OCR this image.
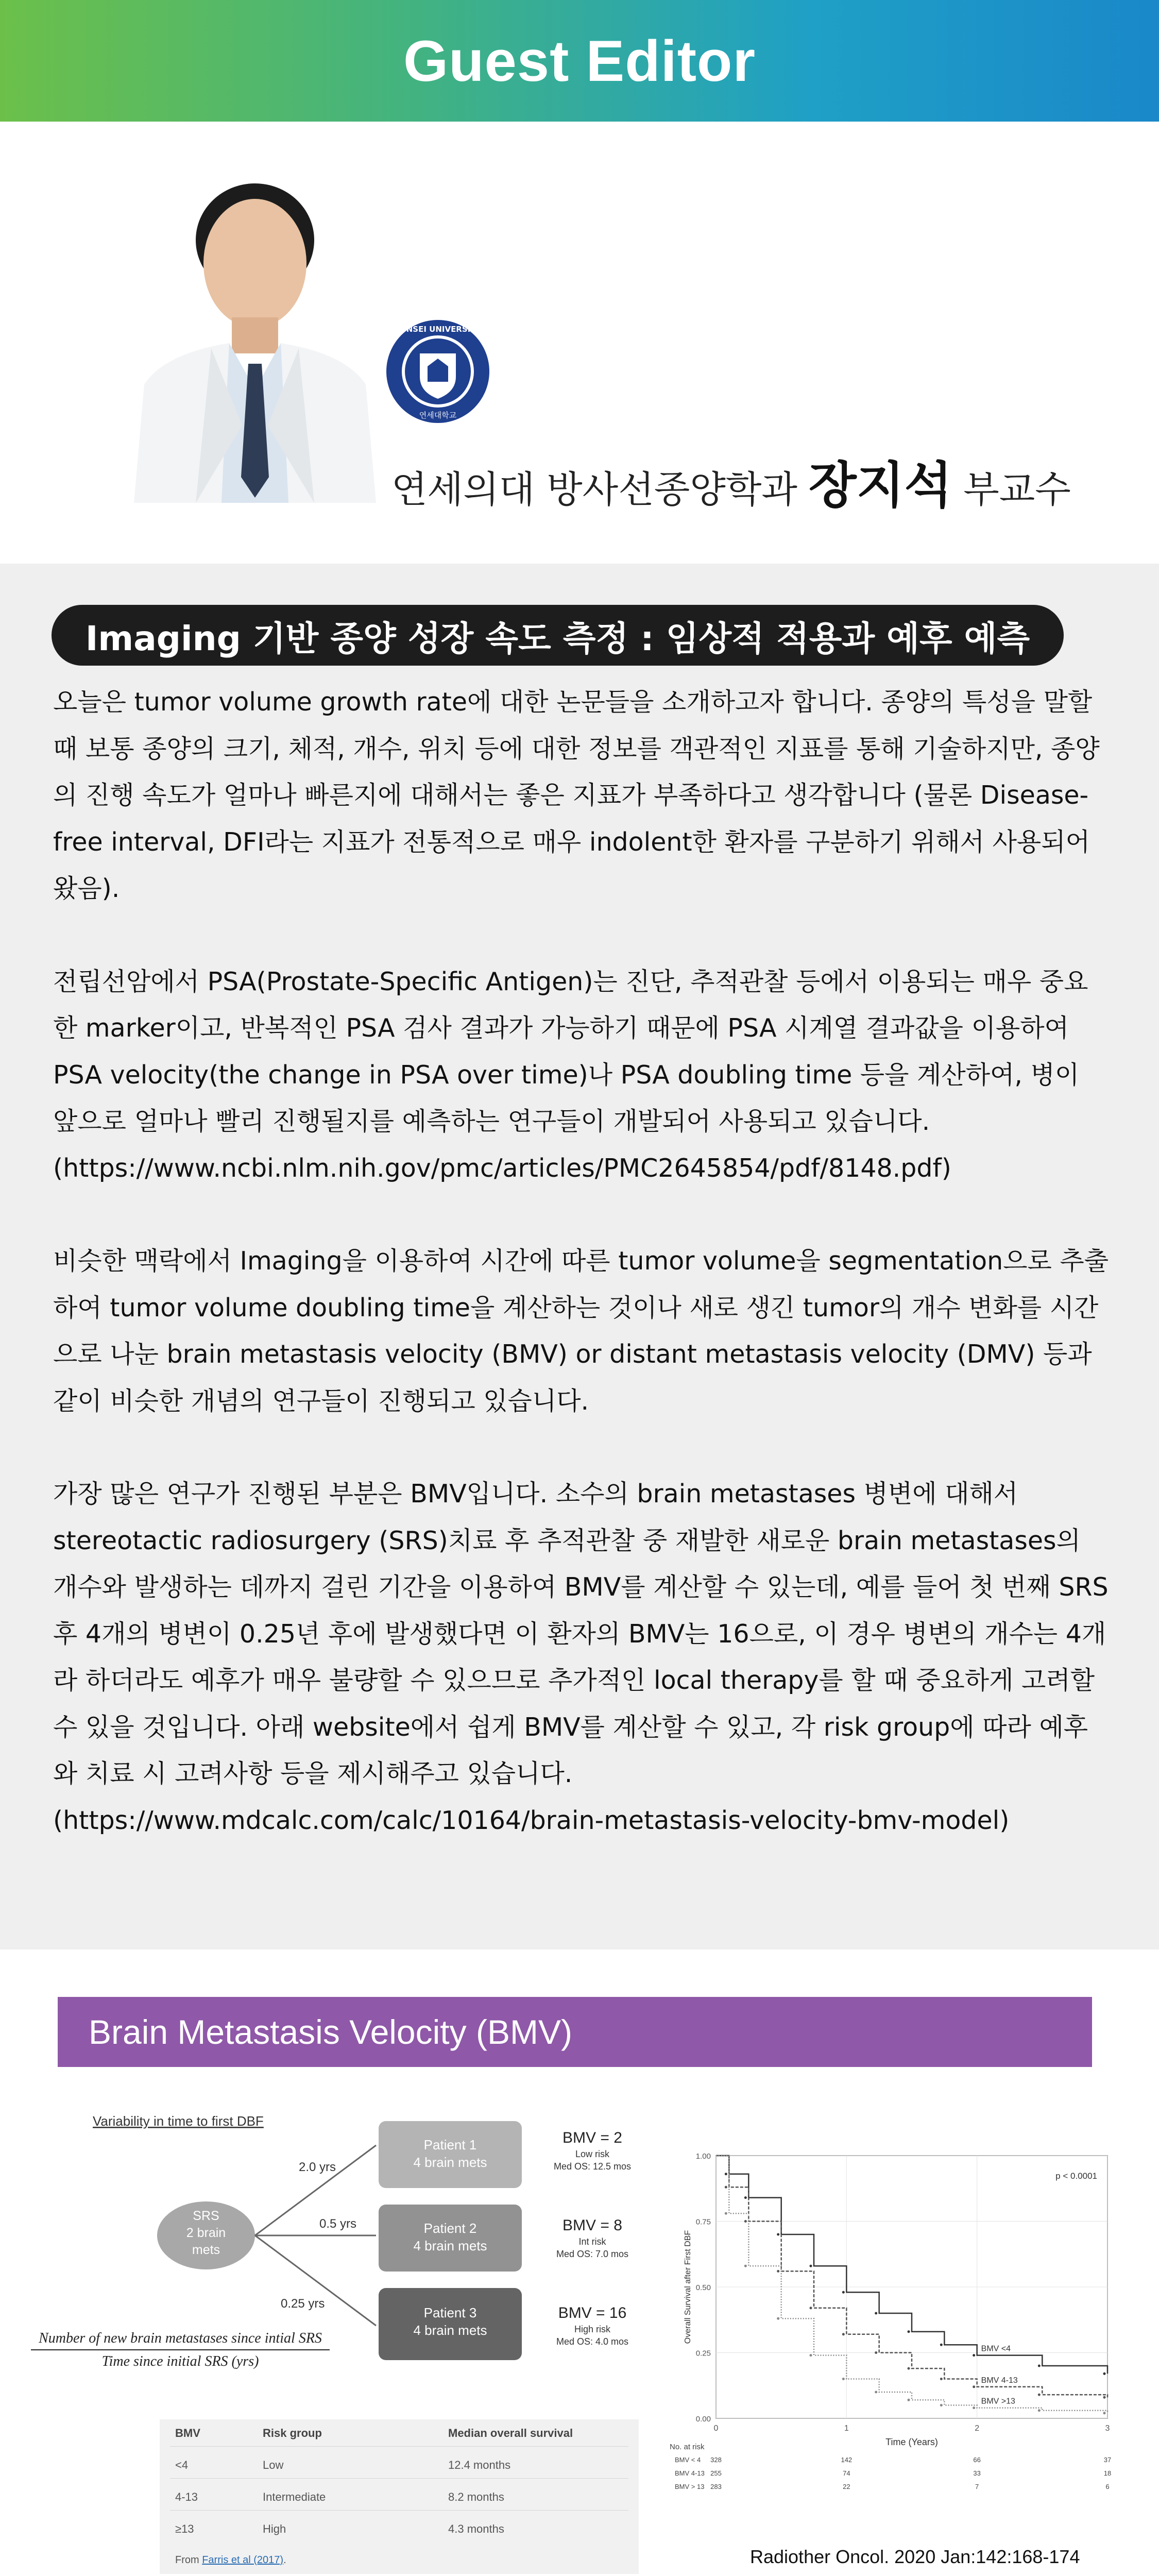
Guest Editor
YONSEI UNIVERSITY
연세대학교
연세의대 방사선종양학과 장지석 부교수
Imaging 기반 종양 성장 속도 측정 : 임상적 적용과 예후 예측

오늘은 tumor volume growth rate에 대한 논문들을 소개하고자 합니다. 종양의 특성을 말할 때 보통 종양의 크기, 체적, 개수, 위치 등에 대한 정보를 객관적인 지표를 통해 기술하지만, 종양의 진행 속도가 얼마나 빠른지에 대해서는 좋은 지표가 부족하다고 생각합니다 (물론 Disease-free interval, DFI라는 지표가 전통적으로 매우 indolent한 환자를 구분하기 위해서 사용되어 왔음).

전립선암에서 PSA(Prostate-Specific Antigen)는 진단, 추적관찰 등에서 이용되는 매우 중요한 marker이고, 반복적인 PSA 검사 결과가 가능하기 때문에 PSA 시계열 결과값을 이용하여 PSA velocity(the change in PSA over time)나 PSA doubling time 등을 계산하여, 병이 앞으로 얼마나 빨리 진행될지를 예측하는 연구들이 개발되어 사용되고 있습니다. (https://www.ncbi.nlm.nih.gov/pmc/articles/PMC2645854/pdf/8148.pdf)

비슷한 맥락에서 Imaging을 이용하여 시간에 따른 tumor volume을 segmentation으로 추출하여 tumor volume doubling time을 계산하는 것이나 새로 생긴 tumor의 개수 변화를 시간으로 나눈 brain metastasis velocity (BMV) or distant metastasis velocity (DMV) 등과 같이 비슷한 개념의 연구들이 진행되고 있습니다.

가장 많은 연구가 진행된 부분은 BMV입니다. 소수의 brain metastases 병변에 대해서 stereotactic radiosurgery (SRS)치료 후 추적관찰 중 재발한 새로운 brain metastases의 개수와 발생하는 데까지 걸린 기간을 이용하여 BMV를 계산할 수 있는데, 예를 들어 첫 번째 SRS 후 4개의 병변이 0.25년 후에 발생했다면 이 환자의 BMV는 16으로, 이 경우 병변의 개수는 4개라 하더라도 예후가 매우 불량할 수 있으므로 추가적인 local therapy를 할 때 중요하게 고려할 수 있을 것입니다. 아래 website에서 쉽게 BMV를 계산할 수 있고, 각 risk group에 따라 예후와 치료 시 고려사항 등을 제시해주고 있습니다. (https://www.mdcalc.com/calc/10164/brain-metastasis-velocity-bmv-model)

Brain Metastasis Velocity (BMV)
Variability in time to first DBF
SRS
2 brain
mets
2.0 yrs
0.5 yrs
0.25 yrs
Patient 1
4 brain mets
Patient 2
4 brain mets
Patient 3
4 brain mets
BMV = 2
Low risk
Med OS: 12.5 mos
BMV = 8
Int risk
Med OS: 7.0 mos
BMV = 16
High risk
Med OS: 4.0 mos
Number of new brain metastases since intial SRS
Time since initial SRS (yrs)
0.00
0.25
0.50
0.75
1.00
0	1	2	3
Time (Years)
Overall Survival after First DBF
p < 0.0001
BMV <4
BMV 4-13
BMV >13
No. at risk
BMV < 4 328	142	66	37
BMV 4-13 255	74	33	18
BMV > 13 283	22	7	6
BMV	Risk group	Median overall survival
<4	Low	12.4 months
4-13	Intermediate	8.2 months
≥13	High	4.3 months
From Farris et al (2017).	Radiother Oncol. 2020 Jan:142:168-174
